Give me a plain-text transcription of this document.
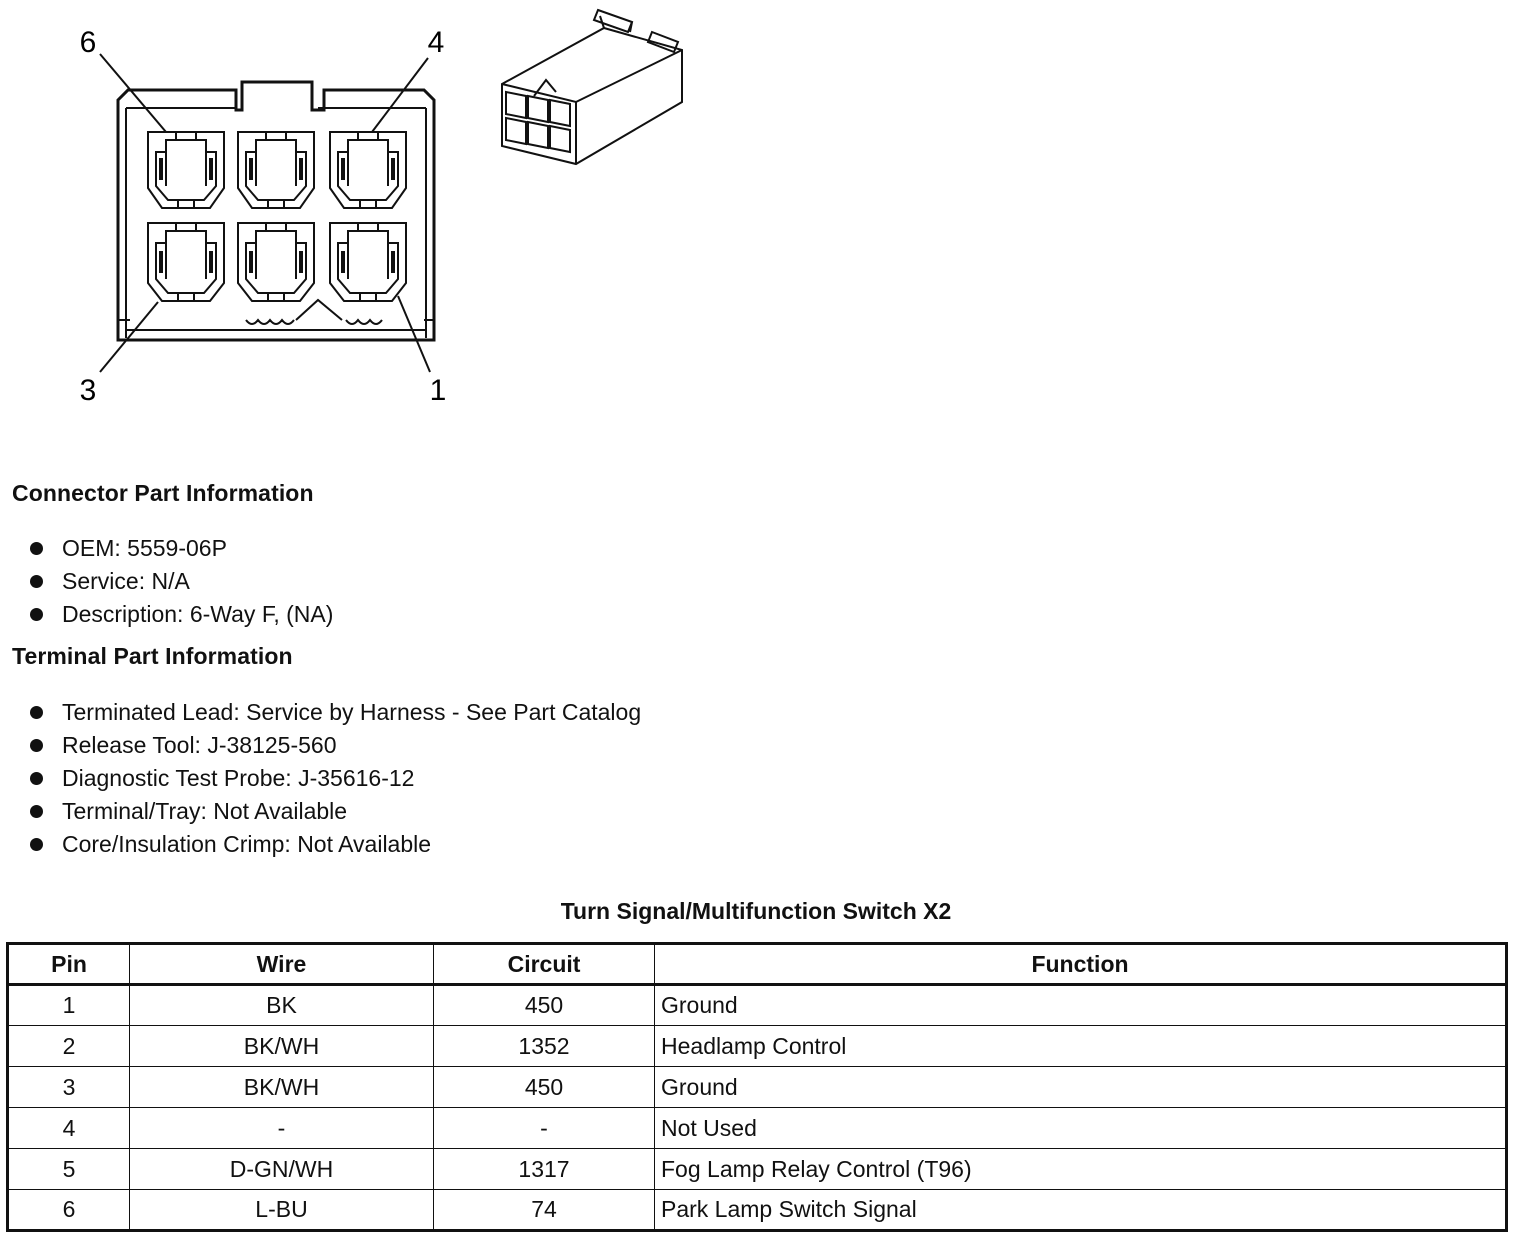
6	4
3	1
Connector Part Information
OEM: 5559-06P
Service: N/A
Description: 6-Way F, (NA)
Terminal Part Information
Terminated Lead: Service by Harness - See Part Catalog
Release Tool: J-38125-560
Diagnostic Test Probe: J-35616-12
Terminal/Tray: Not Available
Core/Insulation Crimp: Not Available
Turn Signal/Multifunction Switch X2
Pin	Wire	Circuit	Function
1	BK	450	Ground
2	BK/WH	1352	Headlamp Control
3	BK/WH	450	Ground
4	-	-	Not Used
5	D-GN/WH	1317	Fog Lamp Relay Control (T96)
6	L-BU	74	Park Lamp Switch Signal
